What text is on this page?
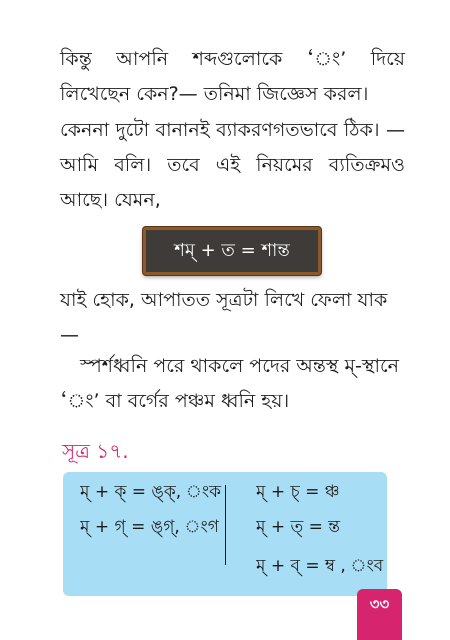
কিন্তু আপনি শব্দগুলোকে ‘ং’ দিয়ে লিখেছেন কেন?— তনিমা জিজ্ঞেস করল।

কেননা দুটো বানানই ব্যাকরণগতভাবে ঠিক। — আমি বলি। তবে এই নিয়মের ব্যতিক্রমও আছে। যেমন,

শম্ + ত = শান্ত

যাই হোক, আপাতত সূত্রটা লিখে ফেলা যাক —

স্পর্শধ্বনি পরে থাকলে পদের অন্তস্থ ম্-স্থানে ‘ং’ বা বর্গের পঞ্চম ধ্বনি হয়।

সূত্র ১৭.

ম্ + ক্ = ঙ্ক্, ংক
ম্ + গ্ = ঙ্গ্, ংগ
ম্ + চ্ = ঞ্চ
ম্ + ত্ = ন্ত
ম্ + ব্ = ম্ব , ংব
৩৩
